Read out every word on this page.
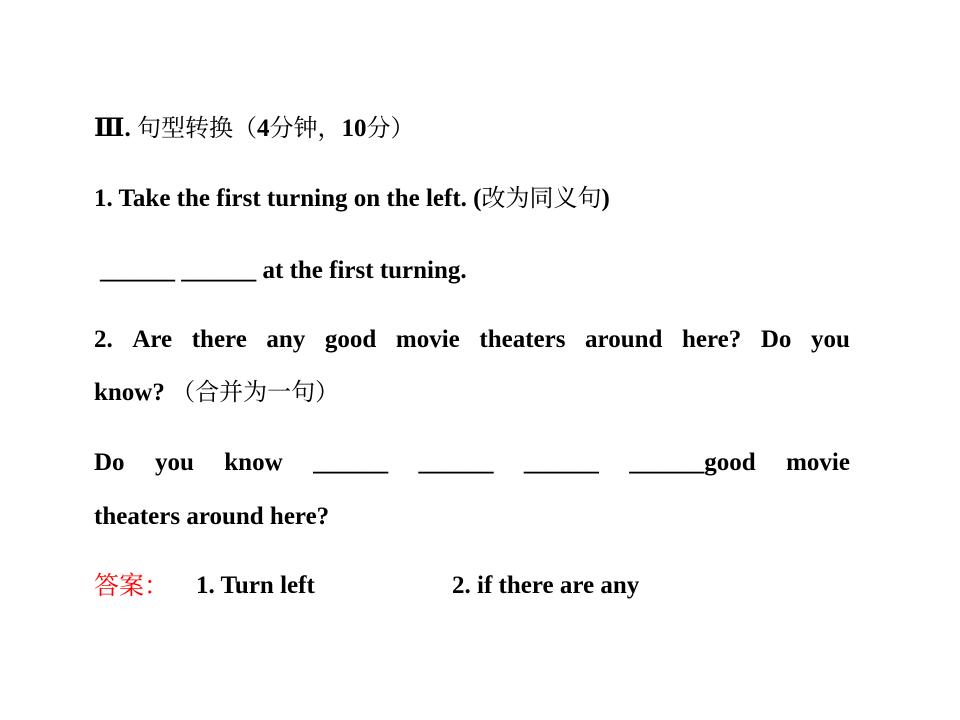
Ⅲ. 句型转换（4分钟，10分）
1. Take the first turning on the left. (改为同义句)
______ ______ at the first turning.
2. Are there any good movie theaters around here? Do you
know? （合并为一句）
Do you know ______ ______ ______ ______good movie
theaters around here?
答案： 1. Turn left	2. if there are any
